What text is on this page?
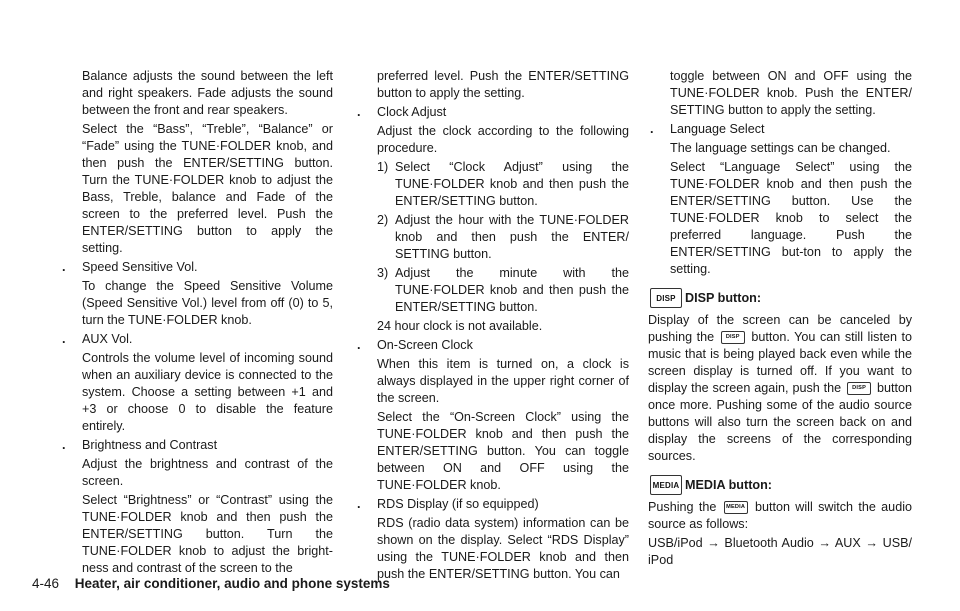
Balance adjusts the sound between the left and right speakers. Fade adjusts the sound between the front and rear speakers.

Select the “Bass”, “Treble”, “Balance” or “Fade” using the TUNE·FOLDER knob, and then push the ENTER/SETTING button. Turn the TUNE·FOLDER knob to adjust the Bass, Treble, balance and Fade of the screen to the preferred level. Push the ENTER/SETTING button to apply the setting.

. Speed Sensitive Vol.

To change the Speed Sensitive Volume (Speed Sensitive Vol.) level from off (0) to 5, turn the TUNE·FOLDER knob.

. AUX Vol.

Controls the volume level of incoming sound when an auxiliary device is connected to the system. Choose a setting between +1 and +3 or choose 0 to disable the feature entirely.

. Brightness and Contrast

Adjust the brightness and contrast of the screen.

Select “Brightness” or “Contrast” using the TUNE·FOLDER knob and then push the ENTER/SETTING button. Turn the TUNE·FOLDER knob to adjust the bright-ness and contrast of the screen to the

preferred level. Push the ENTER/SETTING button to apply the setting.

. Clock Adjust

Adjust the clock according to the following procedure.

1) Select “Clock Adjust” using the TUNE·FOLDER knob and then push the ENTER/SETTING button.

2) Adjust the hour with the TUNE·FOLDER knob and then push the ENTER/ SETTING button.

3) Adjust the minute with the TUNE·FOLDER knob and then push the ENTER/SETTING button.

24 hour clock is not available.

. On-Screen Clock

When this item is turned on, a clock is always displayed in the upper right corner of the screen.

Select the “On-Screen Clock” using the TUNE·FOLDER knob and then push the ENTER/SETTING button. You can toggle between ON and OFF using the TUNE·FOLDER knob.

. RDS Display (if so equipped)

RDS (radio data system) information can be shown on the display. Select “RDS Display” using the TUNE·FOLDER knob and then push the ENTER/SETTING button. You can

toggle between ON and OFF using the TUNE·FOLDER knob. Push the ENTER/ SETTING button to apply the setting.

. Language Select

The language settings can be changed.

Select “Language Select” using the TUNE·FOLDER knob and then push the ENTER/SETTING button. Use the TUNE·FOLDER knob to select the preferred language. Push the ENTER/SETTING but-ton to apply the setting.

DISP DISP button:

Display of the screen can be canceled by pushing the DISP button. You can still listen to music that is being played back even while the screen display is turned off. If you want to display the screen again, push the DISP button once more. Pushing some of the audio source buttons will also turn the screen back on and display the screens of the corresponding sources.

MEDIA MEDIA button:

Pushing the MEDIA button will switch the audio source as follows:

USB/iPod → Bluetooth Audio → AUX → USB/ iPod

4-46 Heater, air conditioner, audio and phone systems
